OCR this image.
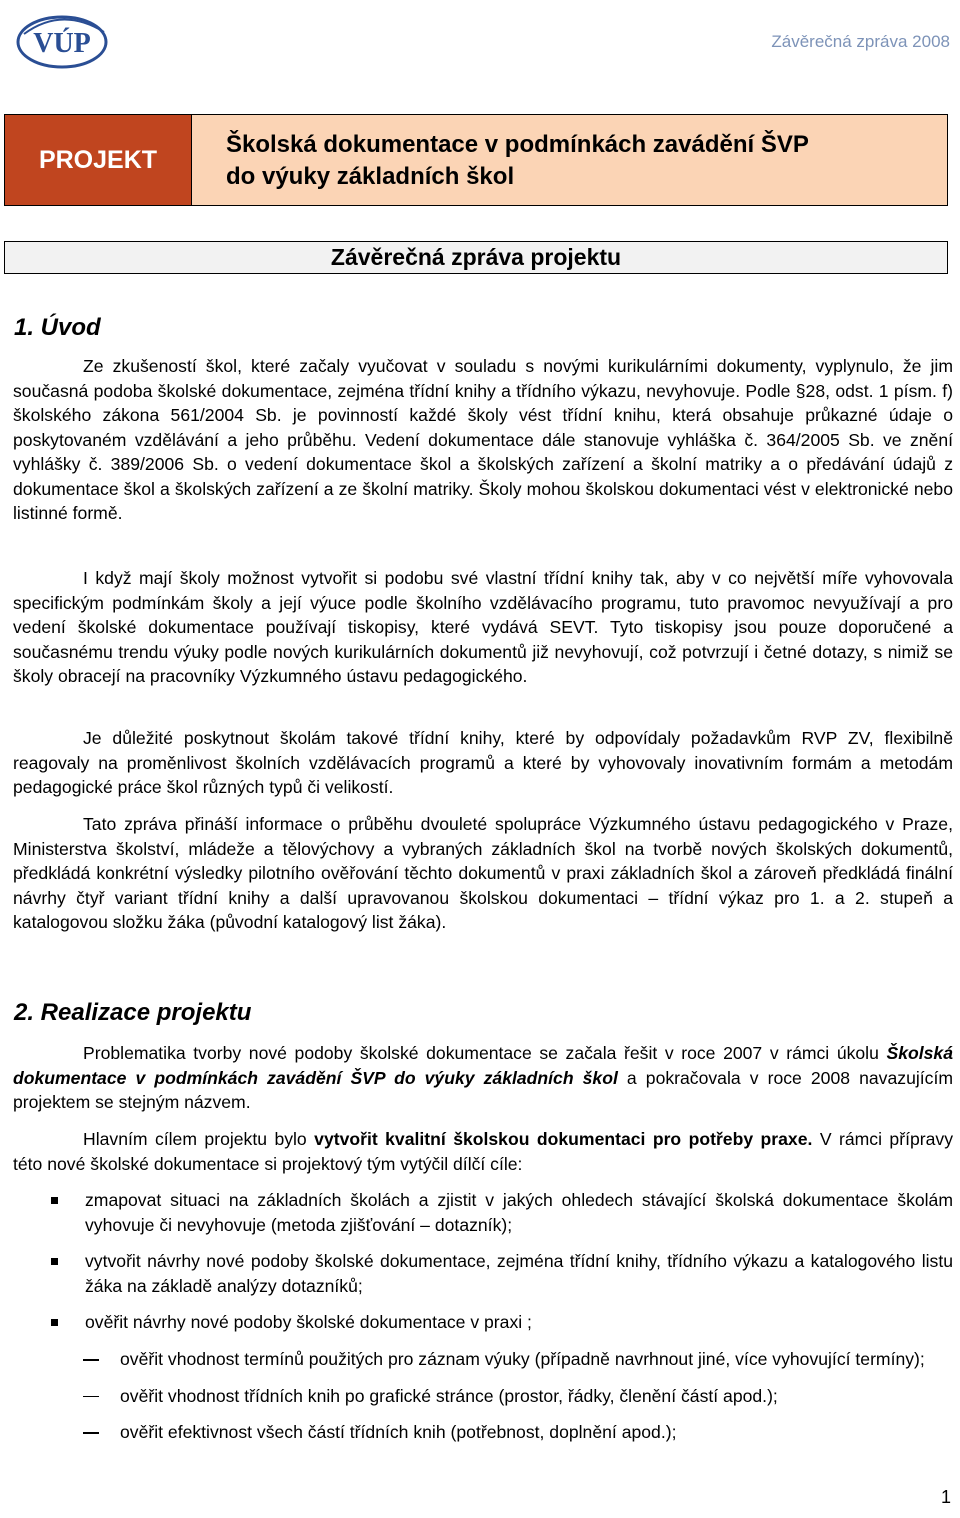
VÚP	Závěrečná zpráva 2008
PROJEKT
Školská dokumentace v podmínkách zavádění ŠVP
do výuky základních škol
Závěrečná zpráva projektu
1. Úvod

Ze zkušeností škol, které začaly vyučovat v souladu s novými kurikulárními dokumenty, vyplynulo, že jim současná podoba školské dokumentace, zejména třídní knihy a třídního výkazu, nevyhovuje. Podle §28, odst. 1 písm. f) školského zákona 561/2004 Sb. je povinností každé školy vést třídní knihu, která obsahuje průkazné údaje o poskytovaném vzdělávání a jeho průběhu. Vedení dokumentace dále stanovuje vyhláška č. 364/2005 Sb. ve znění vyhlášky č. 389/2006 Sb. o vedení dokumentace škol a školských zařízení a školní matriky a o předávání údajů z dokumentace škol a školských zařízení a ze školní matriky. Školy mohou školskou dokumentaci vést v elektronické nebo listinné formě.

I když mají školy možnost vytvořit si podobu své vlastní třídní knihy tak, aby v co největší míře vyhovovala specifickým podmínkám školy a její výuce podle školního vzdělávacího programu, tuto pravomoc nevyužívají a pro vedení školské dokumentace používají tiskopisy, které vydává SEVT. Tyto tiskopisy jsou pouze doporučené a současnému trendu výuky podle nových kurikulárních dokumentů již nevyhovují, což potvrzují i četné dotazy, s nimiž se školy obracejí na pracovníky Výzkumného ústavu pedagogického.

Je důležité poskytnout školám takové třídní knihy, které by odpovídaly požadavkům RVP ZV, flexibilně reagovaly na proměnlivost školních vzdělávacích programů a které by vyhovovaly inovativním formám a metodám pedagogické práce škol různých typů či velikostí.

Tato zpráva přináší informace o průběhu dvouleté spolupráce Výzkumného ústavu pedagogického v Praze, Ministerstva školství, mládeže a tělovýchovy a vybraných základních škol na tvorbě nových školských dokumentů, předkládá konkrétní výsledky pilotního ověřování těchto dokumentů v praxi základních škol a zároveň předkládá finální návrhy čtyř variant třídní knihy a další upravovanou školskou dokumentaci – třídní výkaz pro 1. a 2. stupeň a katalogovou složku žáka (původní katalogový list žáka).

2. Realizace projektu

Problematika tvorby nové podoby školské dokumentace se začala řešit v roce 2007 v rámci úkolu Školská dokumentace v podmínkách zavádění ŠVP do výuky základních škol a pokračovala v roce 2008 navazujícím projektem se stejným názvem.

Hlavním cílem projektu bylo vytvořit kvalitní školskou dokumentaci pro potřeby praxe. V rámci přípravy této nové školské dokumentace si projektový tým vytýčil dílčí cíle:

zmapovat situaci na základních školách a zjistit v jakých ohledech stávající školská dokumentace školám vyhovuje či nevyhovuje (metoda zjišťování – dotazník);
vytvořit návrhy nové podoby školské dokumentace, zejména třídní knihy, třídního výkazu a katalogového listu žáka na základě analýzy dotazníků;
ověřit návrhy nové podoby školské dokumentace v praxi ;
ověřit vhodnost termínů použitých pro záznam výuky (případně navrhnout jiné, více vyhovující termíny);
ověřit vhodnost třídních knih po grafické stránce (prostor, řádky, členění částí apod.);
ověřit efektivnost všech částí třídních knih (potřebnost, doplnění apod.);
1
